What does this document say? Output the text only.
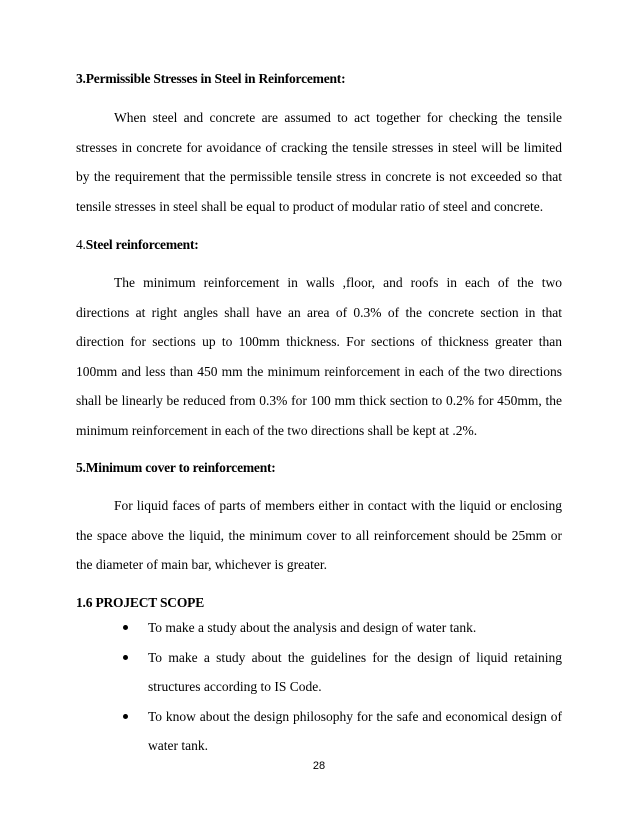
3.Permissible Stresses in Steel in Reinforcement:

When steel and concrete are assumed to act together for checking the tensile stresses in concrete for avoidance of cracking the tensile stresses in steel will be limited by the requirement that the permissible tensile stress in concrete is not exceeded so that tensile stresses in steel shall be equal to product of modular ratio of steel and concrete.

4.Steel reinforcement:

The minimum reinforcement in walls ,floor, and roofs in each of the two directions at right angles shall have an area of 0.3% of the concrete section in that direction for sections up to 100mm thickness. For sections of thickness greater than 100mm and less than 450 mm the minimum reinforcement in each of the two directions shall be linearly be reduced from 0.3% for 100 mm thick section to 0.2% for 450mm, the minimum reinforcement in each of the two directions shall be kept at .2%.

5.Minimum cover to reinforcement:

For liquid faces of parts of members either in contact with the liquid or enclosing the space above the liquid, the minimum cover to all reinforcement should be 25mm or the diameter of main bar, whichever is greater.

1.6 PROJECT SCOPE
To make a study about the analysis and design of water tank.
To make a study about the guidelines for the design of liquid retaining structures according to IS Code.
To know about the design philosophy for the safe and economical design of water tank.
28
